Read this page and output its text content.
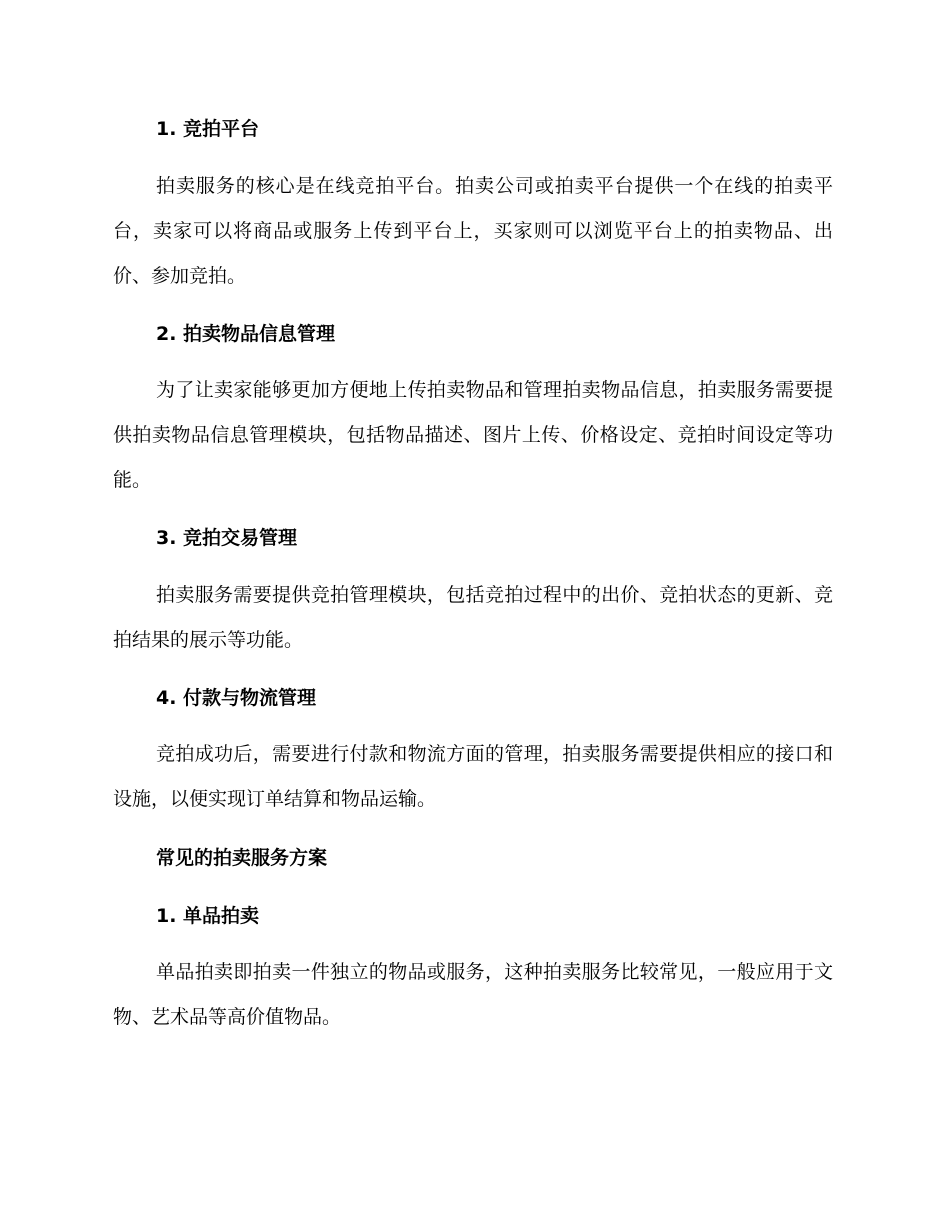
1. 竞拍平台
拍卖服务的核心是在线竞拍平台。拍卖公司或拍卖平台提供一个在线的拍卖平台，卖家可以将商品或服务上传到平台上，买家则可以浏览平台上的拍卖物品、出价、参加竞拍。
2. 拍卖物品信息管理
为了让卖家能够更加方便地上传拍卖物品和管理拍卖物品信息，拍卖服务需要提供拍卖物品信息管理模块，包括物品描述、图片上传、价格设定、竞拍时间设定等功能。
3. 竞拍交易管理
拍卖服务需要提供竞拍管理模块，包括竞拍过程中的出价、竞拍状态的更新、竞拍结果的展示等功能。
4. 付款与物流管理
竞拍成功后，需要进行付款和物流方面的管理，拍卖服务需要提供相应的接口和设施，以便实现订单结算和物品运输。
常见的拍卖服务方案
1. 单品拍卖
单品拍卖即拍卖一件独立的物品或服务，这种拍卖服务比较常见，一般应用于文物、艺术品等高价值物品。
